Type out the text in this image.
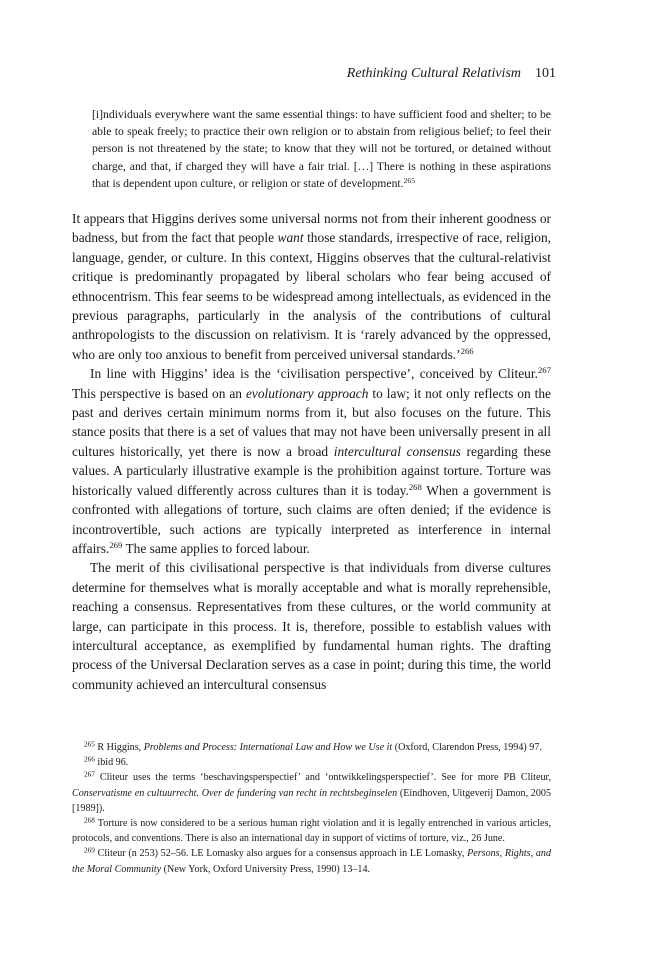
Rethinking Cultural Relativism 101
[i]ndividuals everywhere want the same essential things: to have sufficient food and shelter; to be able to speak freely; to practice their own religion or to abstain from religious belief; to feel their person is not threatened by the state; to know that they will not be tortured, or detained without charge, and that, if charged they will have a fair trial. […] There is nothing in these aspirations that is dependent upon culture, or religion or state of development.$^{265}$

It appears that Higgins derives some universal norms not from their inherent goodness or badness, but from the fact that people want those standards, irrespective of race, religion, language, gender, or culture. In this context, Higgins observes that the cultural-relativist critique is predominantly propagated by liberal scholars who fear being accused of ethnocentrism. This fear seems to be widespread among intellectuals, as evidenced in the previous paragraphs, particularly in the analysis of the contributions of cultural anthropologists to the discussion on relativism. It is ‘rarely advanced by the oppressed, who are only too anxious to benefit from perceived universal standards.’$^{266}$

In line with Higgins’ idea is the ‘civilisation perspective’, conceived by Cliteur.$^{267}$ This perspective is based on an evolutionary approach to law; it not only reflects on the past and derives certain minimum norms from it, but also focuses on the future. This stance posits that there is a set of values that may not have been universally present in all cultures historically, yet there is now a broad intercultural consensus regarding these values. A particularly illustrative example is the prohibition against torture. Torture was historically valued differently across cultures than it is today.$^{268}$ When a government is confronted with allegations of torture, such claims are often denied; if the evidence is incontrovertible, such actions are typically interpreted as interference in internal affairs.$^{269}$ The same applies to forced labour.

The merit of this civilisational perspective is that individuals from diverse cultures determine for themselves what is morally acceptable and what is morally reprehensible, reaching a consensus. Representatives from these cultures, or the world community at large, can participate in this process. It is, therefore, possible to establish values with intercultural acceptance, as exemplified by fundamental human rights. The drafting process of the Universal Declaration serves as a case in point; during this time, the world community achieved an intercultural consensus

$^{265}$ R Higgins, Problems and Process: International Law and How we Use it (Oxford, Clarendon Press, 1994) 97.

$^{266}$ ibid 96.

$^{267}$ Cliteur uses the terms ‘beschavingsperspectief’ and ‘ontwikkelingsperspectief’. See for more PB Cliteur, Conservatisme en cultuurrecht. Over de fundering van recht in rechtsbeginselen (Eindhoven, Uitgeverij Damon, 2005 [1989]).

$^{268}$ Torture is now considered to be a serious human right violation and it is legally entrenched in various articles, protocols, and conventions. There is also an international day in support of victims of torture, viz., 26 June.

$^{269}$ Cliteur (n 253) 52–56. LE Lomasky also argues for a consensus approach in LE Lomasky, Persons, Rights, and the Moral Community (New York, Oxford University Press, 1990) 13–14.
